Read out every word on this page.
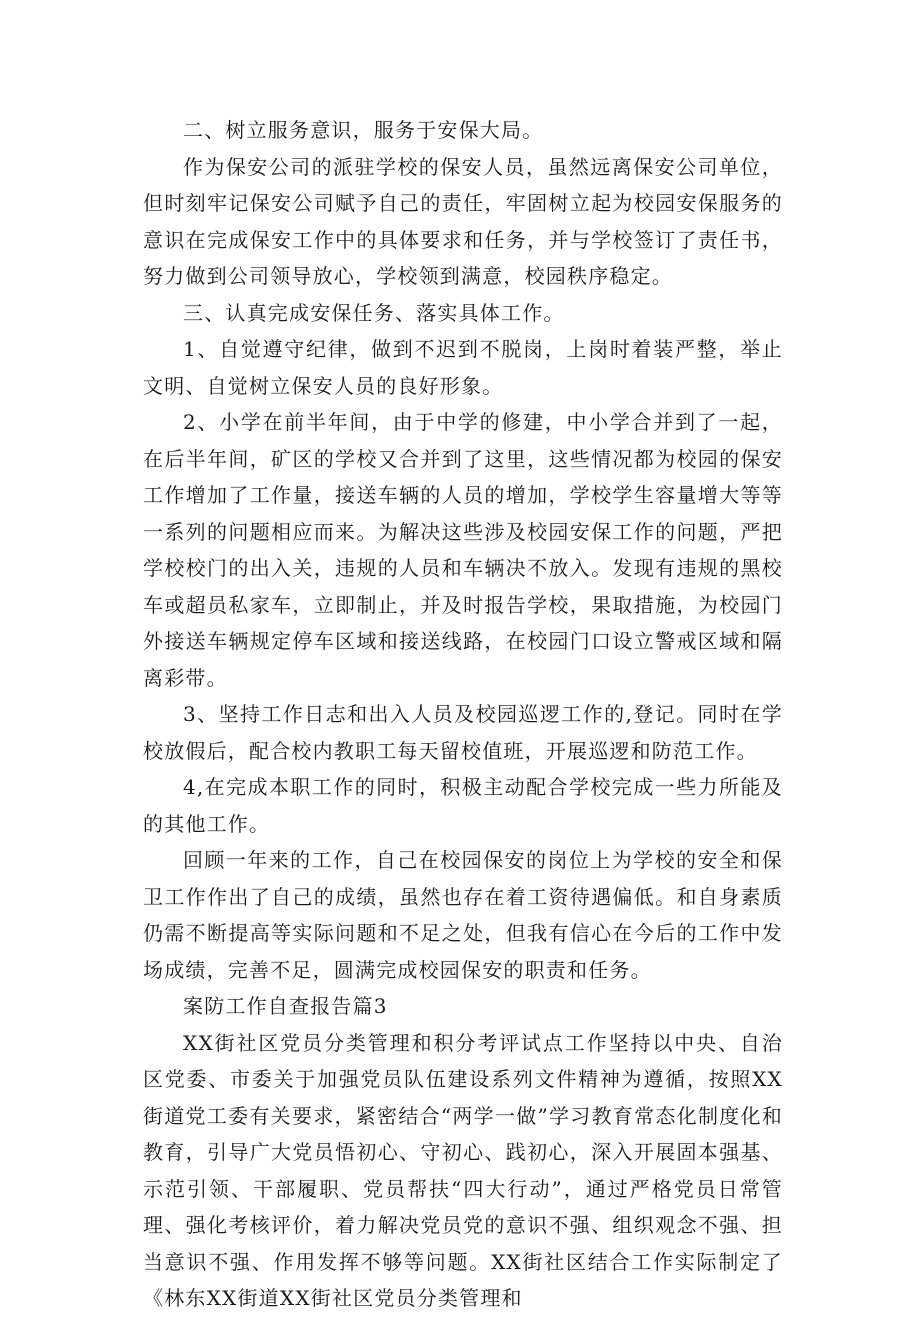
二、树立服务意识，服务于安保大局。

作为保安公司的派驻学校的保安人员，虽然远离保安公司单位，但时刻牢记保安公司赋予自己的责任，牢固树立起为校园安保服务的意识在完成保安工作中的具体要求和任务，并与学校签订了责任书，努力做到公司领导放心，学校领到满意，校园秩序稳定。

三、认真完成安保任务、落实具体工作。

1、自觉遵守纪律，做到不迟到不脱岗，上岗时着装严整，举止文明、自觉树立保安人员的良好形象。

2、小学在前半年间，由于中学的修建，中小学合并到了一起，在后半年间，矿区的学校又合并到了这里，这些情况都为校园的保安工作增加了工作量，接送车辆的人员的增加，学校学生容量增大等等一系列的问题相应而来。为解决这些涉及校园安保工作的问题，严把学校校门的出入关，违规的人员和车辆决不放入。发现有违规的黑校车或超员私家车，立即制止，并及时报告学校，果取措施，为校园门外接送车辆规定停车区域和接送线路，在校园门口设立警戒区域和隔离彩带。

3、坚持工作日志和出入人员及校园巡逻工作的,登记。同时在学校放假后，配合校内教职工每天留校值班，开展巡逻和防范工作。

4,在完成本职工作的同时，积极主动配合学校完成一些力所能及的其他工作。

回顾一年来的工作，自己在校园保安的岗位上为学校的安全和保卫工作作出了自己的成绩，虽然也存在着工资待遇偏低。和自身素质仍需不断提高等实际问题和不足之处，但我有信心在今后的工作中发场成绩，完善不足，圆满完成校园保安的职责和任务。

案防工作自查报告篇3

XX街社区党员分类管理和积分考评试点工作坚持以中央、自治区党委、市委关于加强党员队伍建设系列文件精神为遵循，按照XX街道党工委有关要求，紧密结合“两学一做”学习教育常态化制度化和教育，引导广大党员悟初心、守初心、践初心，深入开展固本强基、示范引领、干部履职、党员帮扶“四大行动”，通过严格党员日常管理、强化考核评价，着力解决党员党的意识不强、组织观念不强、担当意识不强、作用发挥不够等问题。XX街社区结合工作实际制定了《林东XX街道XX街社区党员分类管理和
